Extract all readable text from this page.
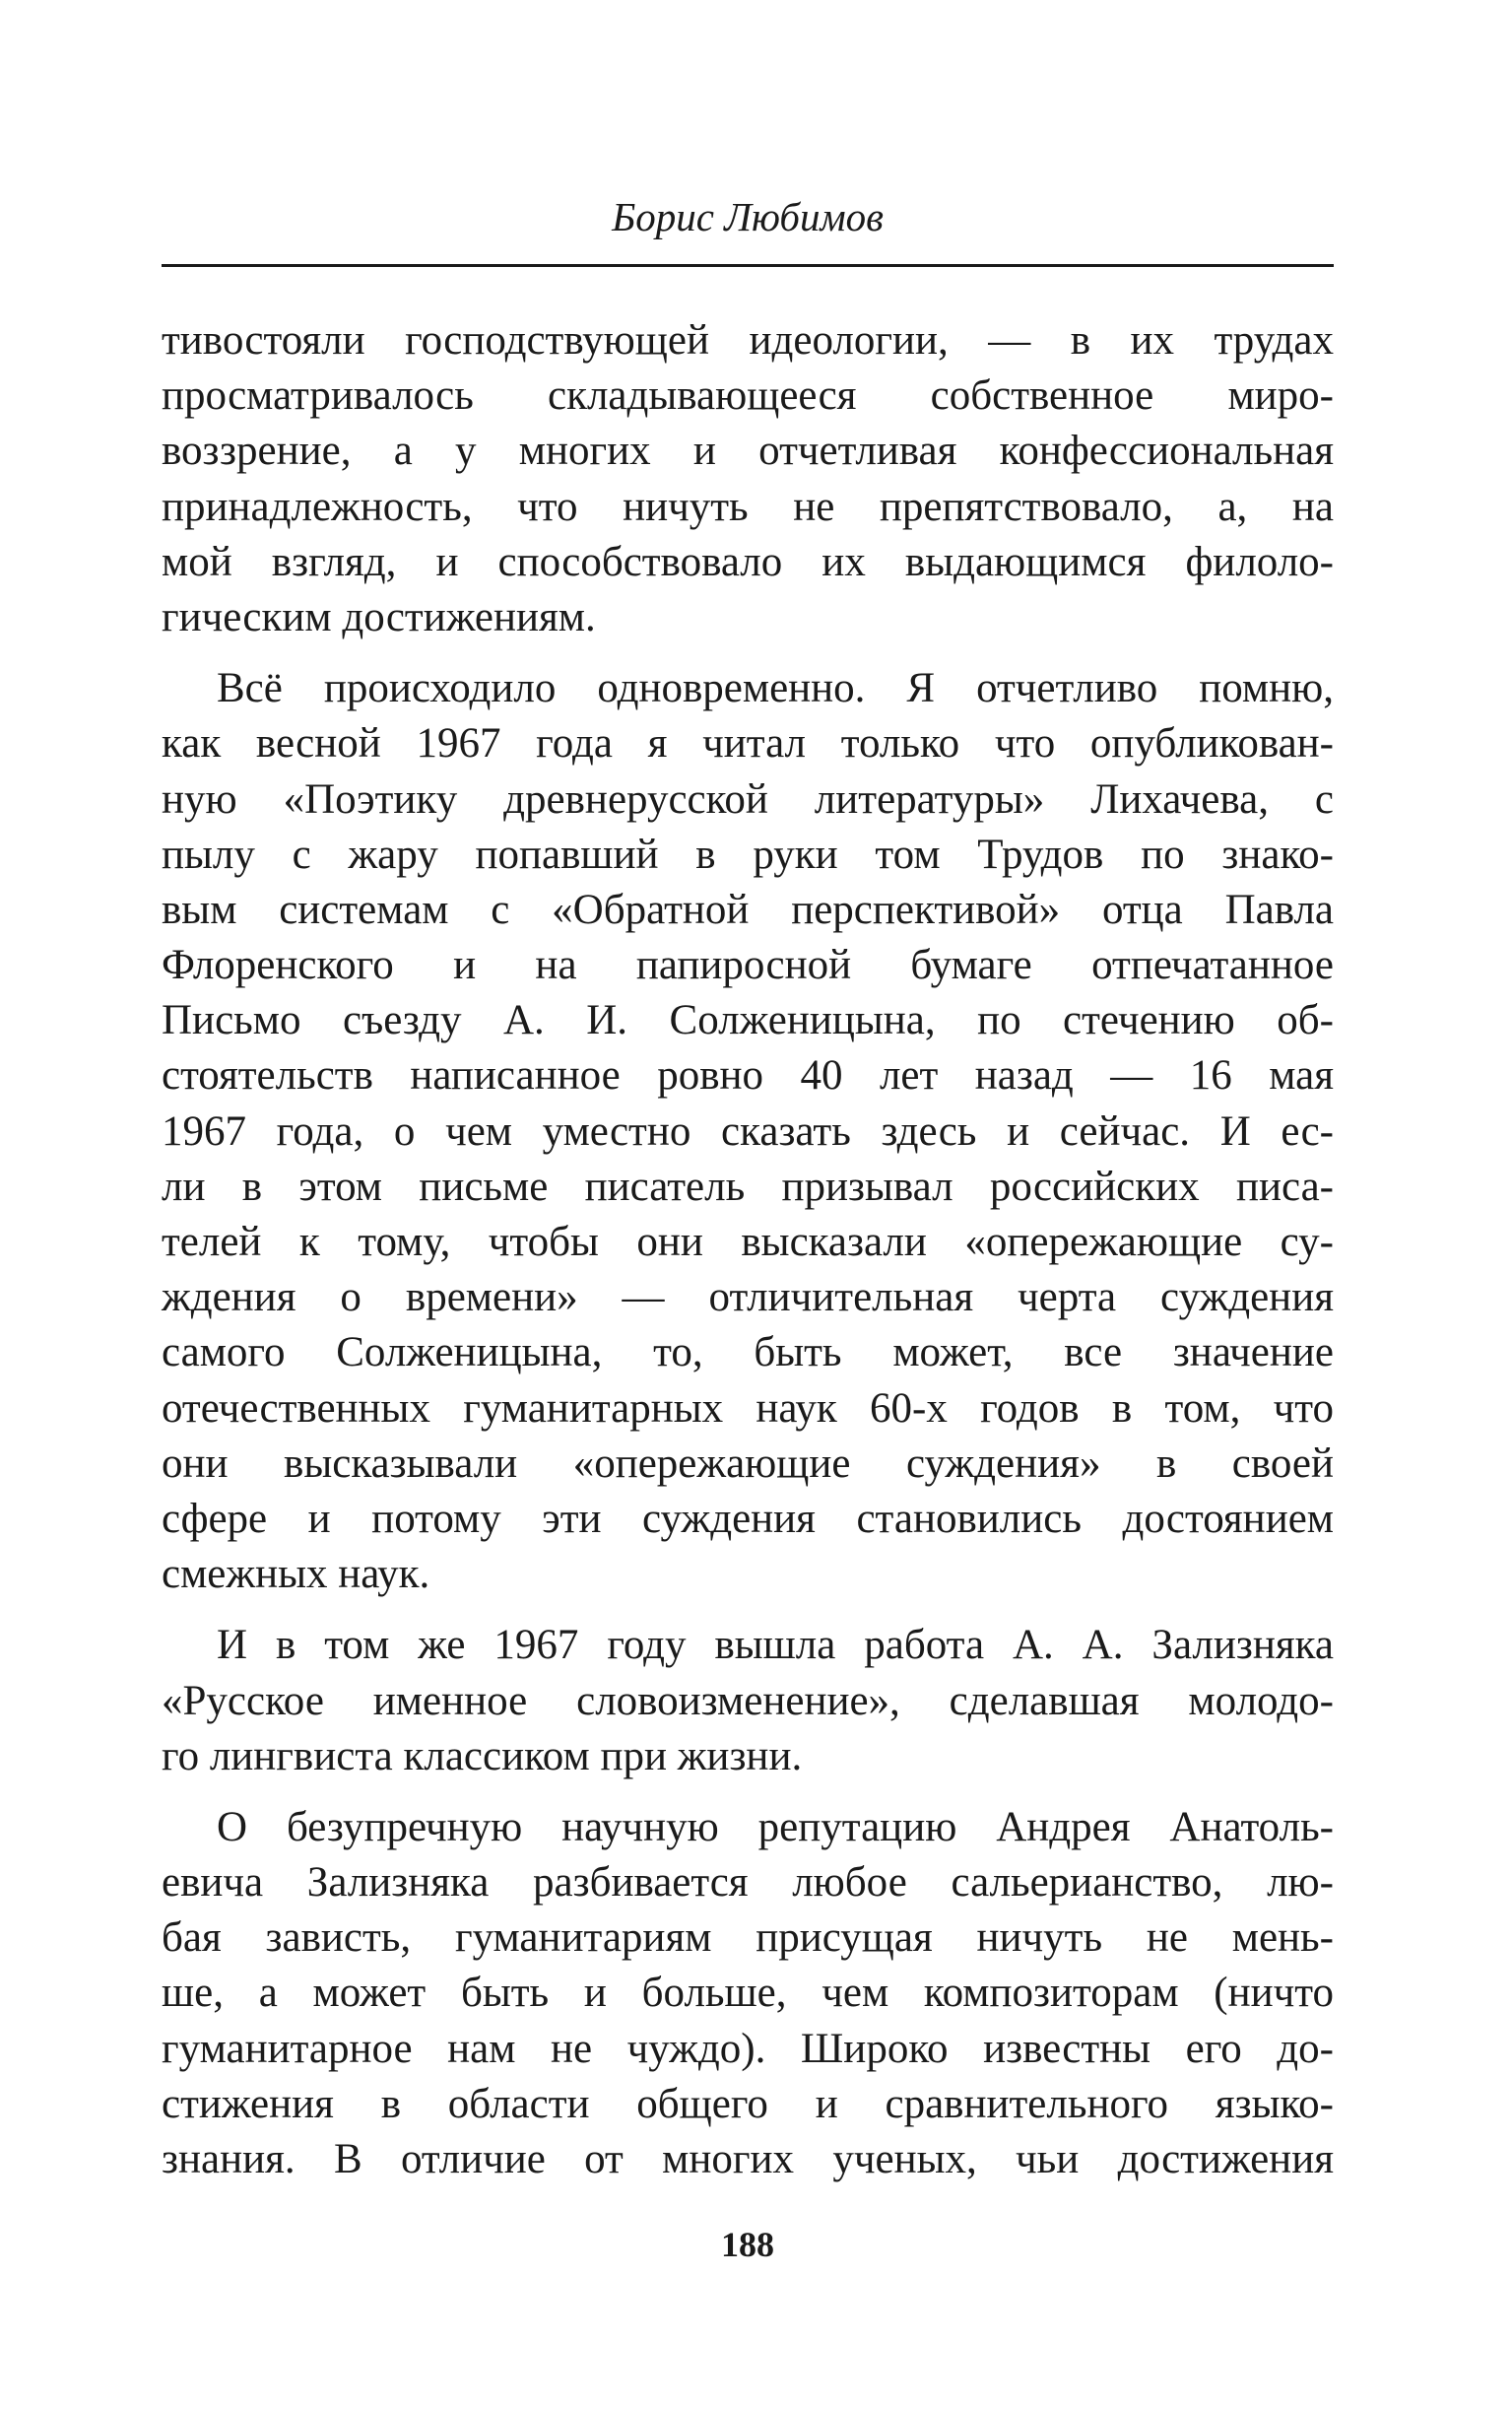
Борис Любимов
тивостояли господствующей идеологии, — в их трудах
просматривалось складывающееся собственное миро-
воззрение, а у многих и отчетливая конфессиональная
принадлежность, что ничуть не препятствовало, а, на
мой взгляд, и способствовало их выдающимся филоло-
гическим достижениям.
Всё происходило одновременно. Я отчетливо помню,
как весной 1967 года я читал только что опубликован-
ную «Поэтику древнерусской литературы» Лихачева, с
пылу с жару попавший в руки том Трудов по знако-
вым системам с «Обратной перспективой» отца Павла
Флоренского и на папиросной бумаге отпечатанное
Письмо съезду А. И. Солженицына, по стечению об-
стоятельств написанное ровно 40 лет назад — 16 мая
1967 года, о чем уместно сказать здесь и сейчас. И ес-
ли в этом письме писатель призывал российских писа-
телей к тому, чтобы они высказали «опережающие су-
ждения о времени» — отличительная черта суждения
самого Солженицына, то, быть может, все значение
отечественных гуманитарных наук 60-х годов в том, что
они высказывали «опережающие суждения» в своей
сфере и потому эти суждения становились достоянием
смежных наук.
И в том же 1967 году вышла работа А. А. Зализняка
«Русское именное словоизменение», сделавшая молодо-
го лингвиста классиком при жизни.
О безупречную научную репутацию Андрея Анатоль-
евича Зализняка разбивается любое сальерианство, лю-
бая зависть, гуманитариям присущая ничуть не мень-
ше, а может быть и больше, чем композиторам (ничто
гуманитарное нам не чуждо). Широко известны его до-
стижения в области общего и сравнительного языко-
знания. В отличие от многих ученых, чьи достижения
188
